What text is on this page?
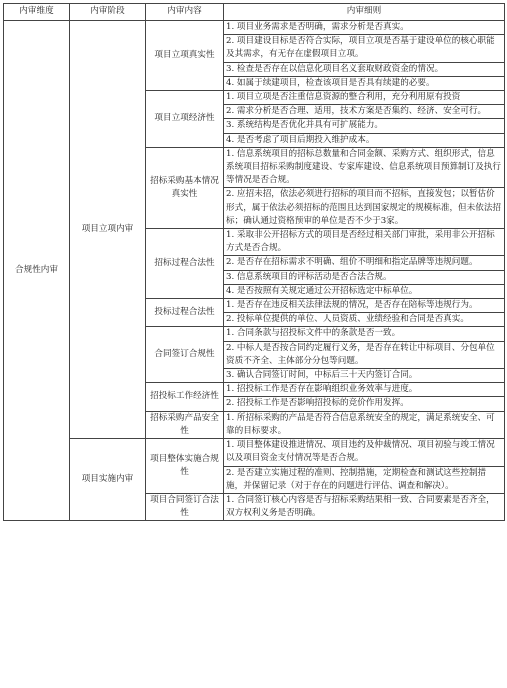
内审维度	内审阶段	内审内容	内审细则
合规性内审	项目立项内审	项目立项真实性	1. 项目业务需求是否明确，需求分析是否真实。
			2. 项目建设目标是否符合实际，项目立项是否基于建设单位的核心职能及其需求，有无存在虚假项目立项。
			3. 检查是否存在以信息化项目名义套取财政资金的情况。
			4. 如属于续建项目，检查该项目是否具有续建的必要。
		项目立项经济性	1. 项目立项是否注重信息资源的整合利用，充分利用原有投资
			2. 需求分析是否合理、适用，技术方案是否集约、经济、安全可行。
			3. 系统结构是否优化并具有可扩展能力。
			4. 是否考虑了项目后期投入维护成本。
		招标采购基本情况真实性	1. 信息系统项目的招标总数量和合同金额、采购方式、组织形式，信息系统项目招标采购制度建设、专家库建设、信息系统项目预算制订及执行等情况是否合规。
			2. 应招未招，依法必须进行招标的项目而不招标，直接发包；以暂估价形式，属于依法必须招标的范围且达到国家规定的规模标准，但未依法招标；确认通过资格预审的单位是否不少于3家。
		招标过程合法性	1. 采取非公开招标方式的项目是否经过相关部门审批，采用非公开招标方式是否合规。
			2. 是否存在招标需求不明确、组价不明细和指定品牌等违规问题。
			3. 信息系统项目的评标活动是否合法合规。
			4. 是否按照有关规定通过公开招标选定中标单位。
		投标过程合法性	1. 是否存在违反相关法律法规的情况，是否存在陪标等违规行为。
			2. 投标单位提供的单位、人员资质、业绩经验和合同是否真实。
		合同签订合规性	1. 合同条款与招投标文件中的条款是否一致。
			2. 中标人是否按合同约定履行义务，是否存在转让中标项目、分包单位资质不齐全、主体部分分包等问题。
			3. 确认合同签订时间，中标后三十天内签订合同。
		招投标工作经济性	1. 招投标工作是否存在影响组织业务效率与进度。
			2. 招投标工作是否影响招投标的竞价作用发挥。
		招标采购产品安全性	1. 所招标采购的产品是否符合信息系统安全的规定，满足系统安全、可靠的目标要求。
	项目实施内审	项目整体实施合规性	1. 项目整体建设推进情况、项目违约及仲裁情况、项目初验与竣工情况以及项目资金支付情况等是否合规。
			2. 是否建立实施过程的准则、控制措施，定期检查和测试这些控制措施，并保留记录（对于存在的问题进行评估、调查和解决）。
		项目合同签订合法性	1. 合同签订核心内容是否与招标采购结果相一致、合同要素是否齐全，双方权利义务是否明确。
